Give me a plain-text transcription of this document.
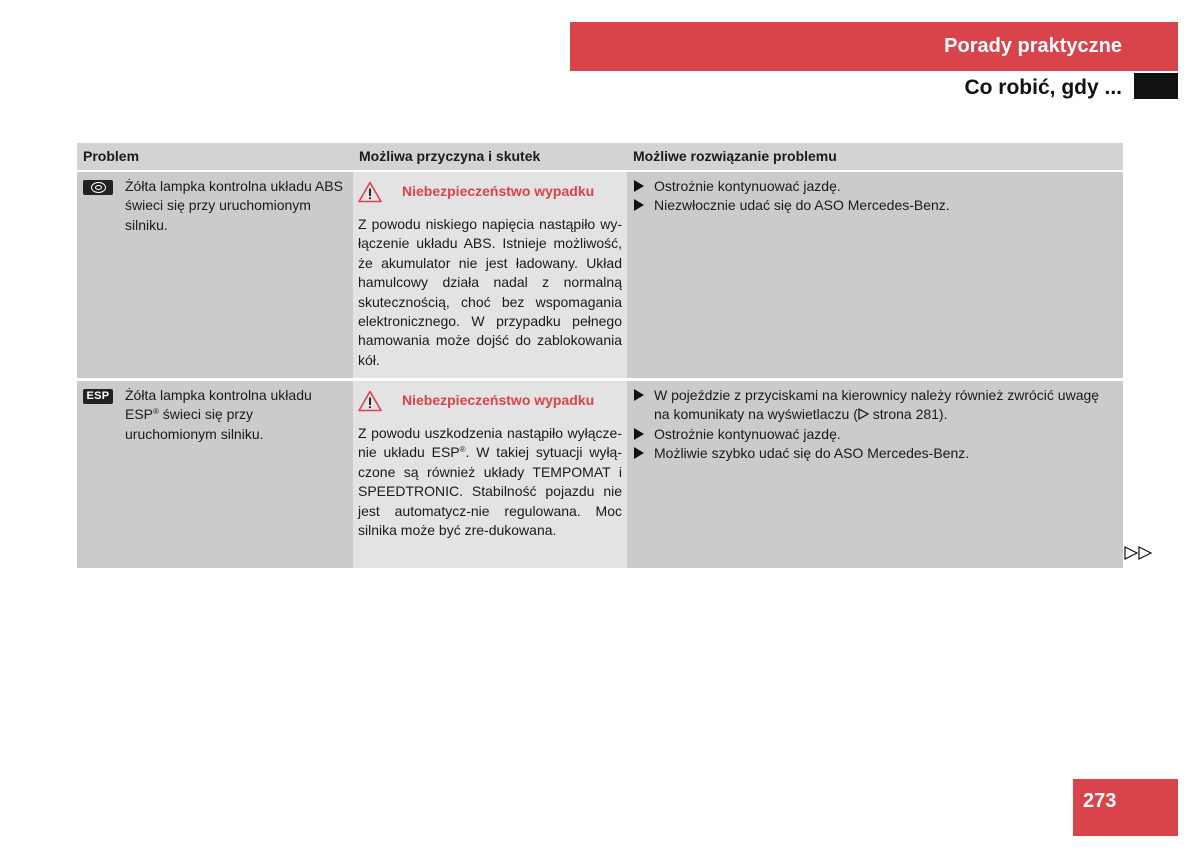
Porady praktyczne
Co robić, gdy ...
Problem	Możliwa przyczyna i skutek	Możliwe rozwiązanie problemu
Żółta lampka kontrolna układu ABS świeci się przy uruchomionym silniku.
Niebezpieczeństwo wypadku
Z powodu niskiego napięcia nastąpiło wy-łączenie układu ABS. Istnieje możliwość, że akumulator nie jest ładowany. Układ hamulcowy działa nadal z normalną skutecznością, choć bez wspomagania elektronicznego. W przypadku pełnego hamowania może dojść do zablokowania kół.
Ostrożnie kontynuować jazdę.
Niezwłocznie udać się do ASO Mercedes-Benz.
ESP Żółta lampka kontrolna układu ESP® świeci się przy uruchomionym silniku.
Niebezpieczeństwo wypadku
Z powodu uszkodzenia nastąpiło wyłącze-nie układu ESP®. W takiej sytuacji wyłą-czone są również układy TEMPOMAT i SPEEDTRONIC. Stabilność pojazdu nie jest automatycz-nie regulowana. Moc silnika może być zre-dukowana.
W pojeździe z przyciskami na kierownicy należy również zwrócić uwagę na komunikaty na wyświetlaczu ( strona 281).
Ostrożnie kontynuować jazdę.
Możliwie szybko udać się do ASO Mercedes-Benz.
273
